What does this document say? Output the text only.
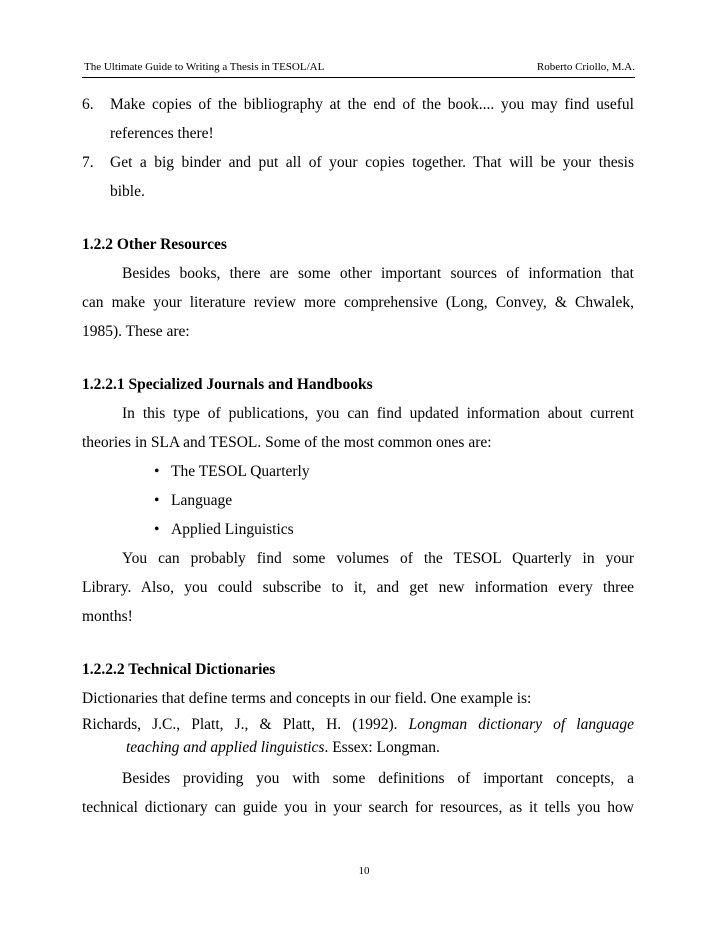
The Ultimate Guide to Writing a Thesis in TESOL/AL	Roberto Criollo, M.A.
6. Make copies of the bibliography at the end of the book.... you may find useful
references there!
7. Get a big binder and put all of your copies together. That will be your thesis
bible.
1.2.2 Other Resources
Besides books, there are some other important sources of information that
can make your literature review more comprehensive (Long, Convey, & Chwalek,
1985). These are:
1.2.2.1 Specialized Journals and Handbooks
In this type of publications, you can find updated information about current
theories in SLA and TESOL. Some of the most common ones are:
• The TESOL Quarterly
• Language
• Applied Linguistics
You can probably find some volumes of the TESOL Quarterly in your
Library. Also, you could subscribe to it, and get new information every three
months!
1.2.2.2 Technical Dictionaries
Dictionaries that define terms and concepts in our field. One example is:
Richards, J.C., Platt, J., & Platt, H. (1992). Longman dictionary of language
teaching and applied linguistics. Essex: Longman.
Besides providing you with some definitions of important concepts, a
technical dictionary can guide you in your search for resources, as it tells you how
10
